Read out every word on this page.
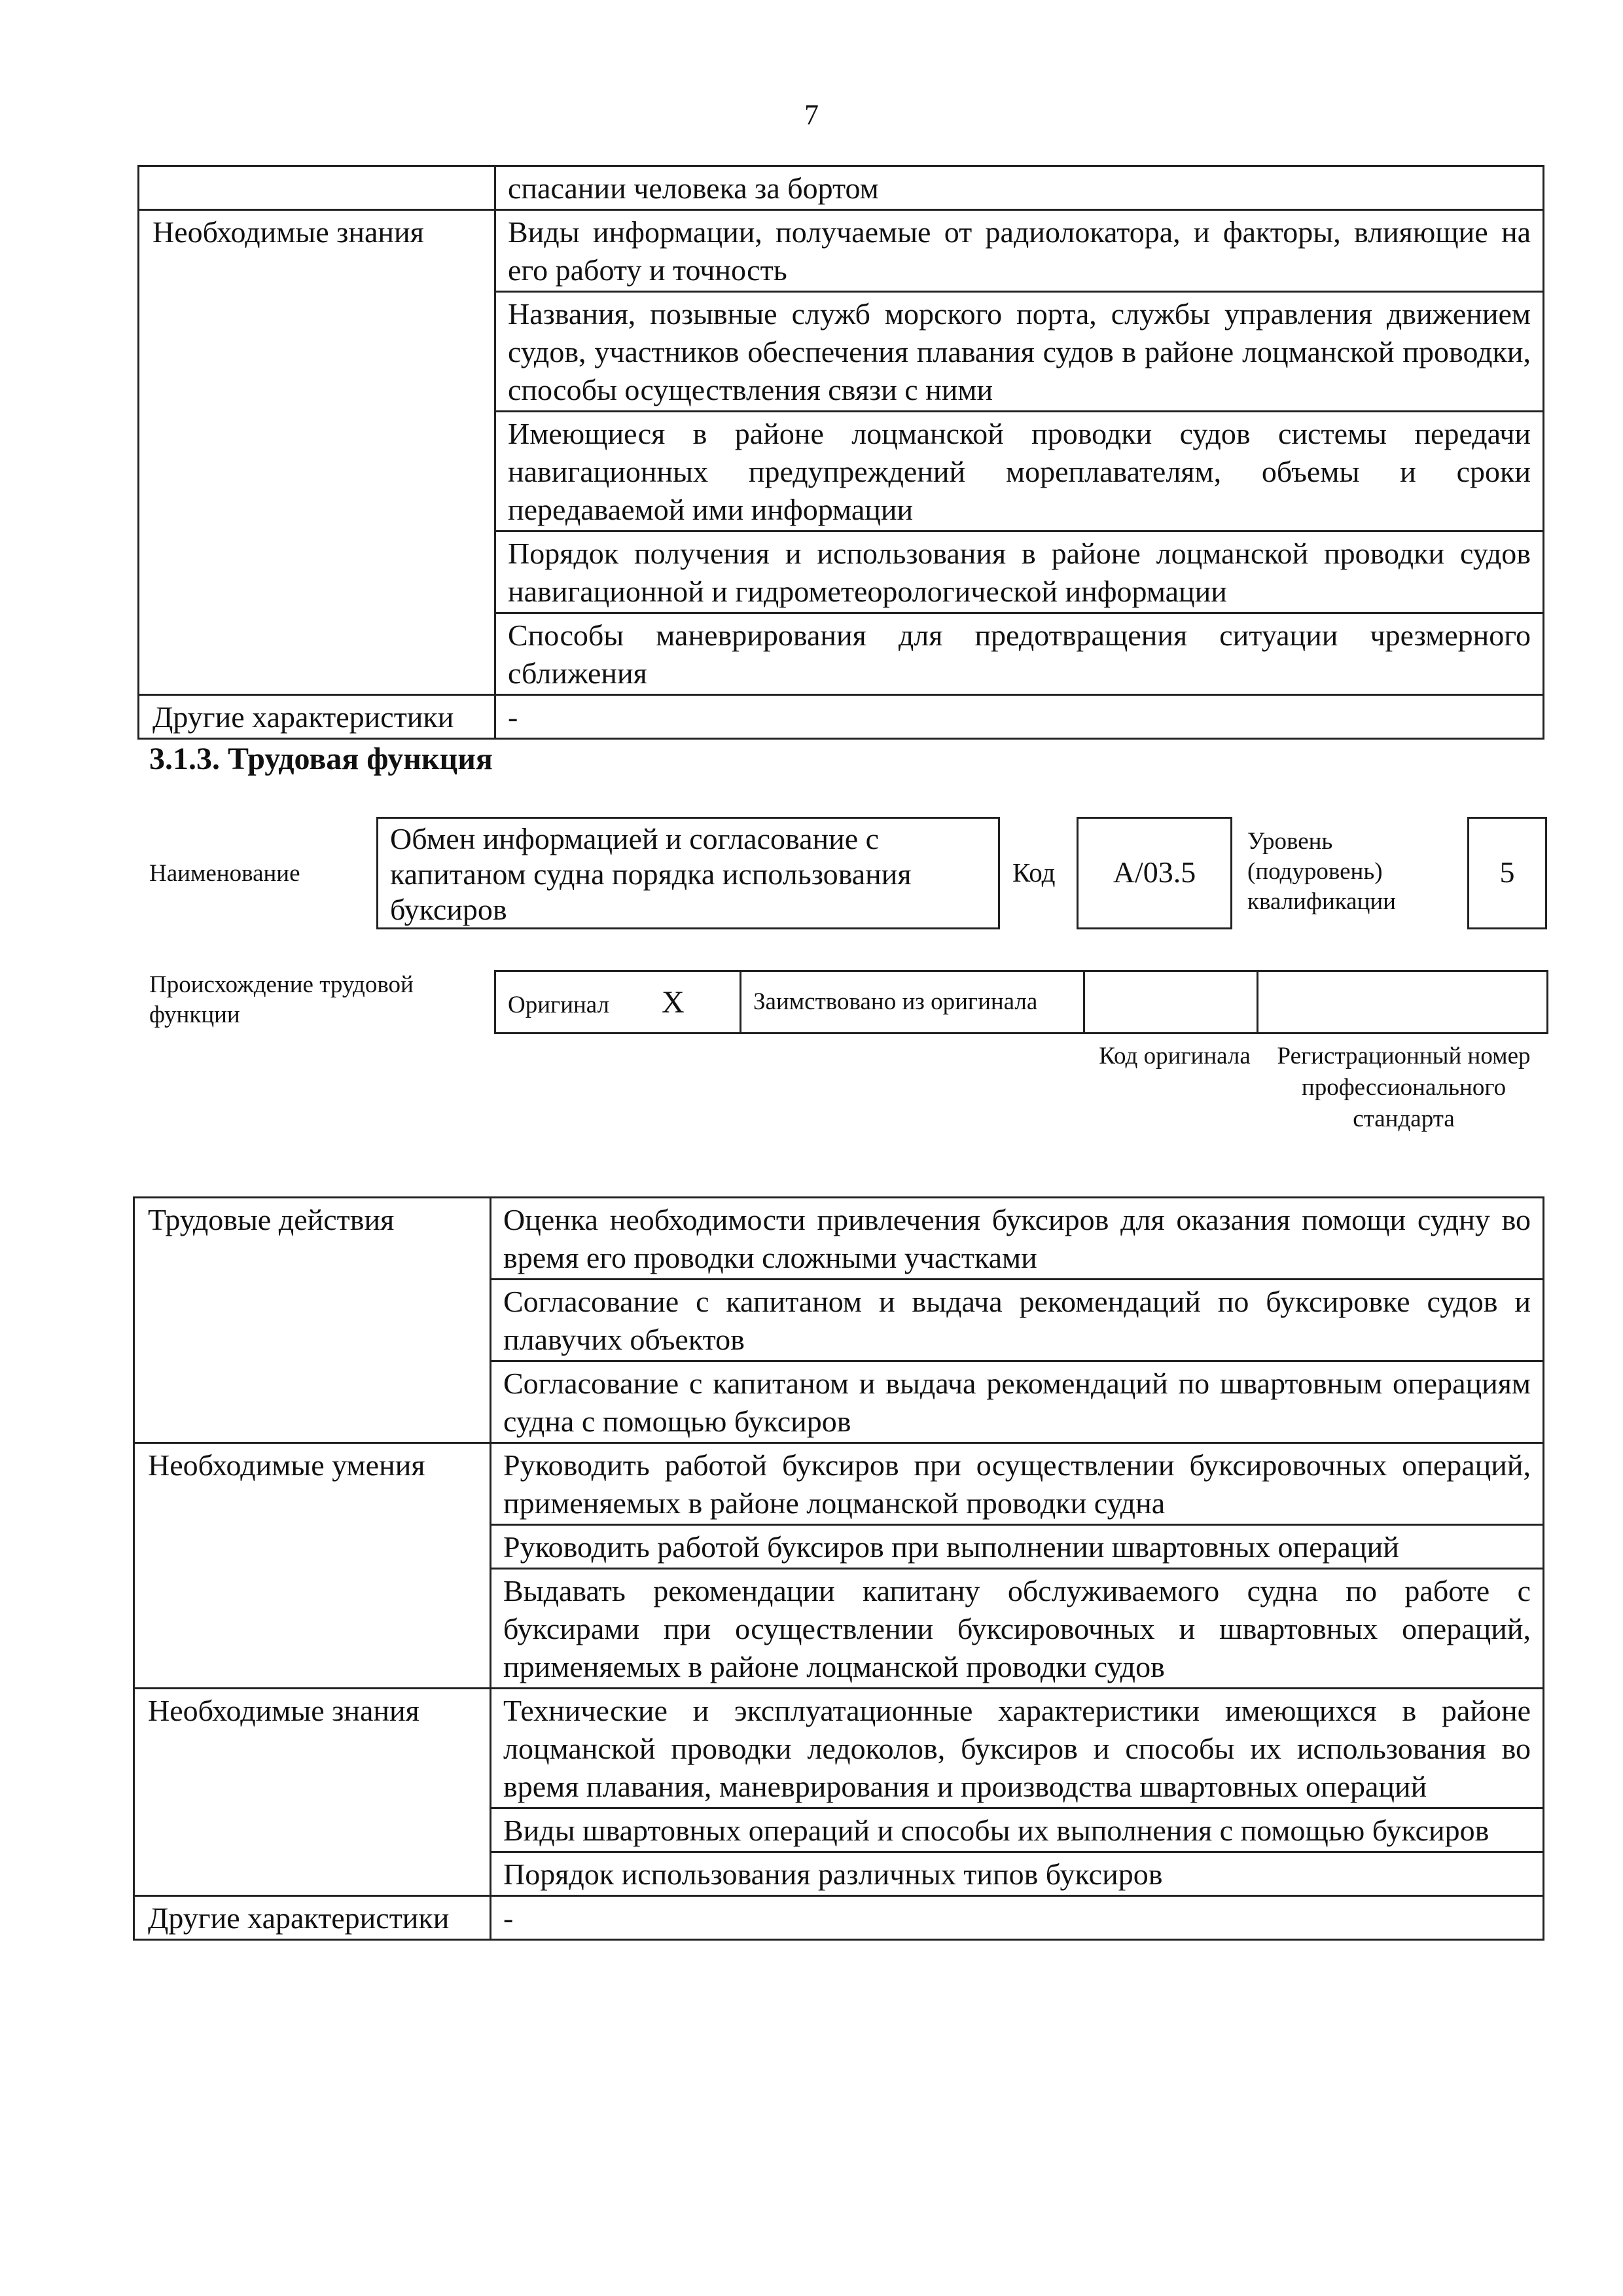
7
	спасании человека за бортом
Необходимые знания	Виды информации, получаемые от радиолокатора, и факторы, влияющие на его работу и точность
	Названия, позывные служб морского порта, службы управления движением судов, участников обеспечения плавания судов в районе лоцманской проводки, способы осуществления связи с ними
	Имеющиеся в районе лоцманской проводки судов системы передачи навигационных предупреждений мореплавателям, объемы и сроки передаваемой ими информации
	Порядок получения и использования в районе лоцманской проводки судов навигационной и гидрометеорологической информации
	Способы маневрирования для предотвращения ситуации чрезмерного сближения
Другие характеристики	-
3.1.3. Трудовая функция
Наименование
Обмен информацией и согласование с капитаном судна порядка использования буксиров
Код	A/03.5
Уровень (подуровень) квалификации
5
Происхождение трудовой функции	Оригинал X	Заимствовано из оригинала		
Код оригинала	Регистрационный номер профессионального стандарта
Трудовые действия	Оценка необходимости привлечения буксиров для оказания помощи судну во время его проводки сложными участками
	Согласование с капитаном и выдача рекомендаций по буксировке судов и плавучих объектов
	Согласование с капитаном и выдача рекомендаций по швартовным операциям судна с помощью буксиров
Необходимые умения	Руководить работой буксиров при осуществлении буксировочных операций, применяемых в районе лоцманской проводки судна
	Руководить работой буксиров при выполнении швартовных операций
	Выдавать рекомендации капитану обслуживаемого судна по работе с буксирами при осуществлении буксировочных и швартовных операций, применяемых в районе лоцманской проводки судов
Необходимые знания	Технические и эксплуатационные характеристики имеющихся в районе лоцманской проводки ледоколов, буксиров и способы их использования во время плавания, маневрирования и производства швартовных операций
	Виды швартовных операций и способы их выполнения с помощью буксиров
	Порядок использования различных типов буксиров
Другие характеристики	-
